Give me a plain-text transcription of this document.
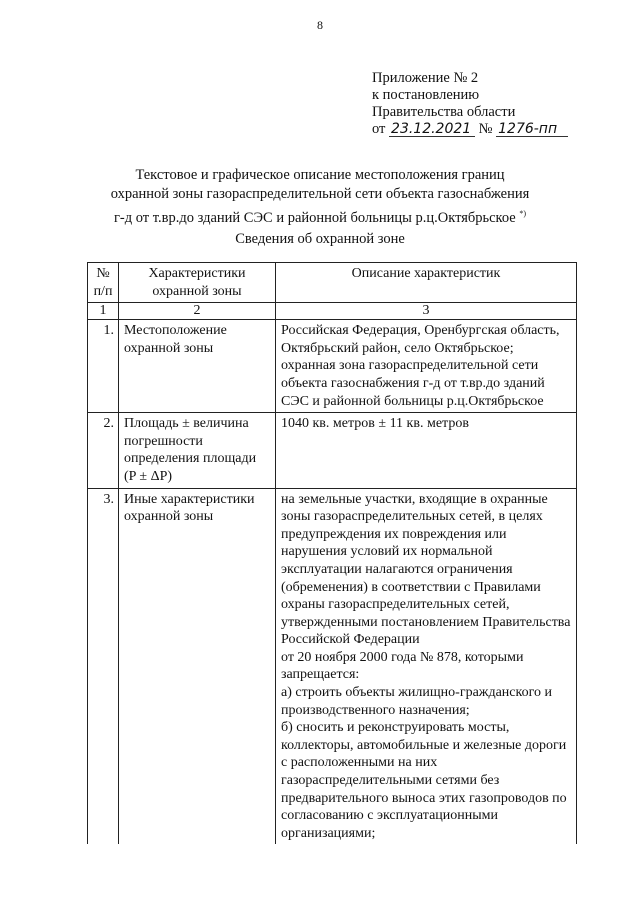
8
Приложение № 2
к постановлению
Правительства области
от 23.12.2021 № 1276-пп
Текстовое и графическое описание местоположения границ
охранной зоны газораспределительной сети объекта газоснабжения
г-д от т.вр.до зданий СЭС и районной больницы р.ц.Октябрьское *)
Сведения об охранной зоне
№ п/п	Характеристики охранной зоны	Описание характеристик
1	2	3
1.	Местоположение охранной зоны	Российская Федерация, Оренбургская область, Октябрьский район, село Октябрьское; охранная зона газораспределительной сети объекта газоснабжения г-д от т.вр.до зданий СЭС и районной больницы р.ц.Октябрьское
2.	Площадь ± величина погрешности определения площади (P ± ΔP)	1040 кв. метров ± 11 кв. метров
3.	Иные характеристики охранной зоны	на земельные участки, входящие в охранные зоны газораспределительных сетей, в целях предупреждения их повреждения или нарушения условий их нормальной эксплуатации налагаются ограничения (обременения) в соответствии с Правилами охраны газораспределительных сетей, утвержденными постановлением Правительства Российской Федерации
от 20 ноября 2000 года № 878, которыми запрещается:
а) строить объекты жилищно-гражданского и производственного назначения;
б) сносить и реконструировать мосты, коллекторы, автомобильные и железные дороги с расположенными на них газораспределительными сетями без предварительного выноса этих газопроводов по согласованию с эксплуатационными организациями;
